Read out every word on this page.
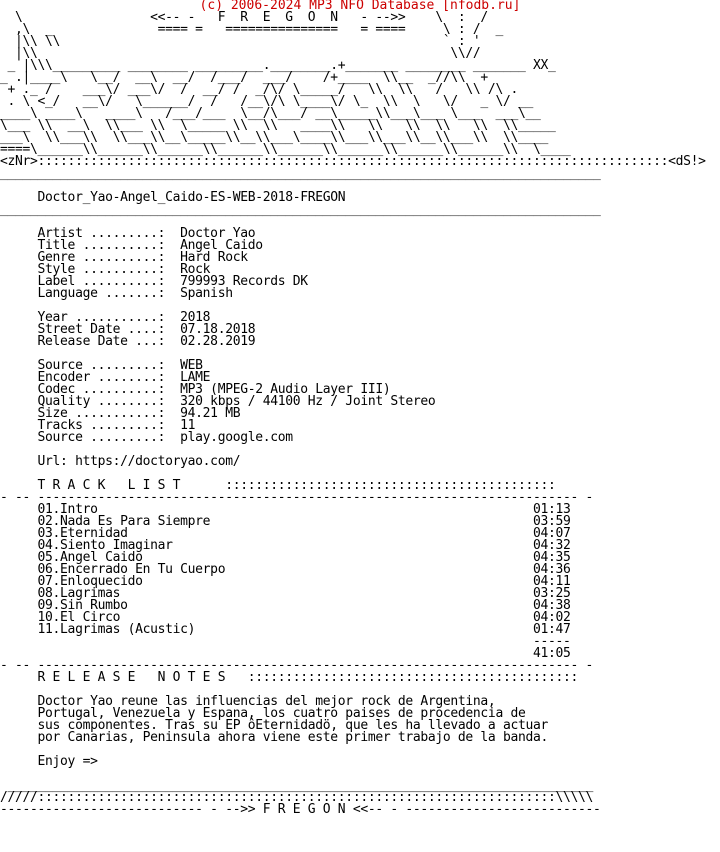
(c) 2006-2024 MP3 NFO Database [nfodb.ru]
\                 <<-- -   F  R  E  G  O  N   - -->>    \  :  /
,\  _              ==== =   ===============   = ====     \ : /  _
|\\ \\                                                   ` : '
|\\                                                       \\//
_ |\\\_________ ________ _________.________.+_______ ________ _______ XX_
_ .|____\   \__/  __\  __/  /___/  ___/    /+____  \\__  _//\\  +
+ ._ /    ___\/ ___\/  /  __/ /  _/\/ \_____/   \\  \\   /   \\ /\ .
. \ <_/   __\/   \______/  /   /__\/\ \____\/ \_  \\  \   \/   _ \/ __
____\ ____\   ____\   /___/___  \__/\___/ __\_____\\___\___ \___  ___\__
\___ \\  __\  \\___ \\  \_____ \\  \\   ____\\   \\   \\  \\   \\  \\_____
___\  \\___\\  \\___\\__\_____\\__\\___\____\\___\\___\\__\\___\\  \\____
====\______\\______\\______\\______\\______\\______\\______\\______\\  \____
<zNr>::::::::::::::::::::::::::::::::::::::::::::::::::::::::::::::::::::::::::::::::::::<dS!>
________________________________________________________________________________

Doctor_Yao-Angel_Caido-ES-WEB-2018-FREGON
________________________________________________________________________________

Artist .........:  Doctor Yao
Title ..........:  Angel Caido
Genre ..........:  Hard Rock
Style ..........:  Rock
Label ..........:  799993 Records DK
Language .......:  Spanish

Year ...........:  2018
Street Date ....:  07.18.2018
Release Date ...:  02.28.2019

Source .........:  WEB
Encoder ........:  LAME
Codec ..........:  MP3 (MPEG-2 Audio Layer III)
Quality ........:  320 kbps / 44100 Hz / Joint Stereo
Size ...........:  94.21 MB
Tracks .........:  11
Source .........:  play.google.com

Url: https://doctoryao.com/

T R A C K   L I S T      ::::::::::::::::::::::::::::::::::::::::::::
- -- ------------------------------------------------------------------------ -
01.Intro                                                          01:13
02.Nada Es Para Siempre                                           03:59
03.Eternidad                                                      04:07
04.Siento Imaginar                                                04:32
05.Angel Caido                                                    04:35
06.Encerrado En Tu Cuerpo                                         04:36
07.Enloquecido                                                    04:11
08.Lagrimas                                                       03:25
09.Sin Rumbo                                                      04:38
10.El Circo                                                       04:02
11.Lagrimas (Acustic)                                             01:47
-----
41:05
- -- ------------------------------------------------------------------------ -
R E L E A S E   N O T E S   ::::::::::::::::::::::::::::::::::::::::::::

Doctor Yao reune las influencias del mejor rock de Argentina,
Portugal, Venezuela y Espana, los cuatro paises de procedencia de
sus componentes. Tras su EP ôEternidadö, que les ha llevado a actuar
por Canarias, Peninsula ahora viene este primer trabajo de la banda.

Enjoy =>

______________________________________________________________________________
/////:::::::::::::::::::::::::::::::::::::::::::::::::::::::::::::::::::::\\\\\
--------------------------- - -->> F R E G O N <<-- - --------------------------
